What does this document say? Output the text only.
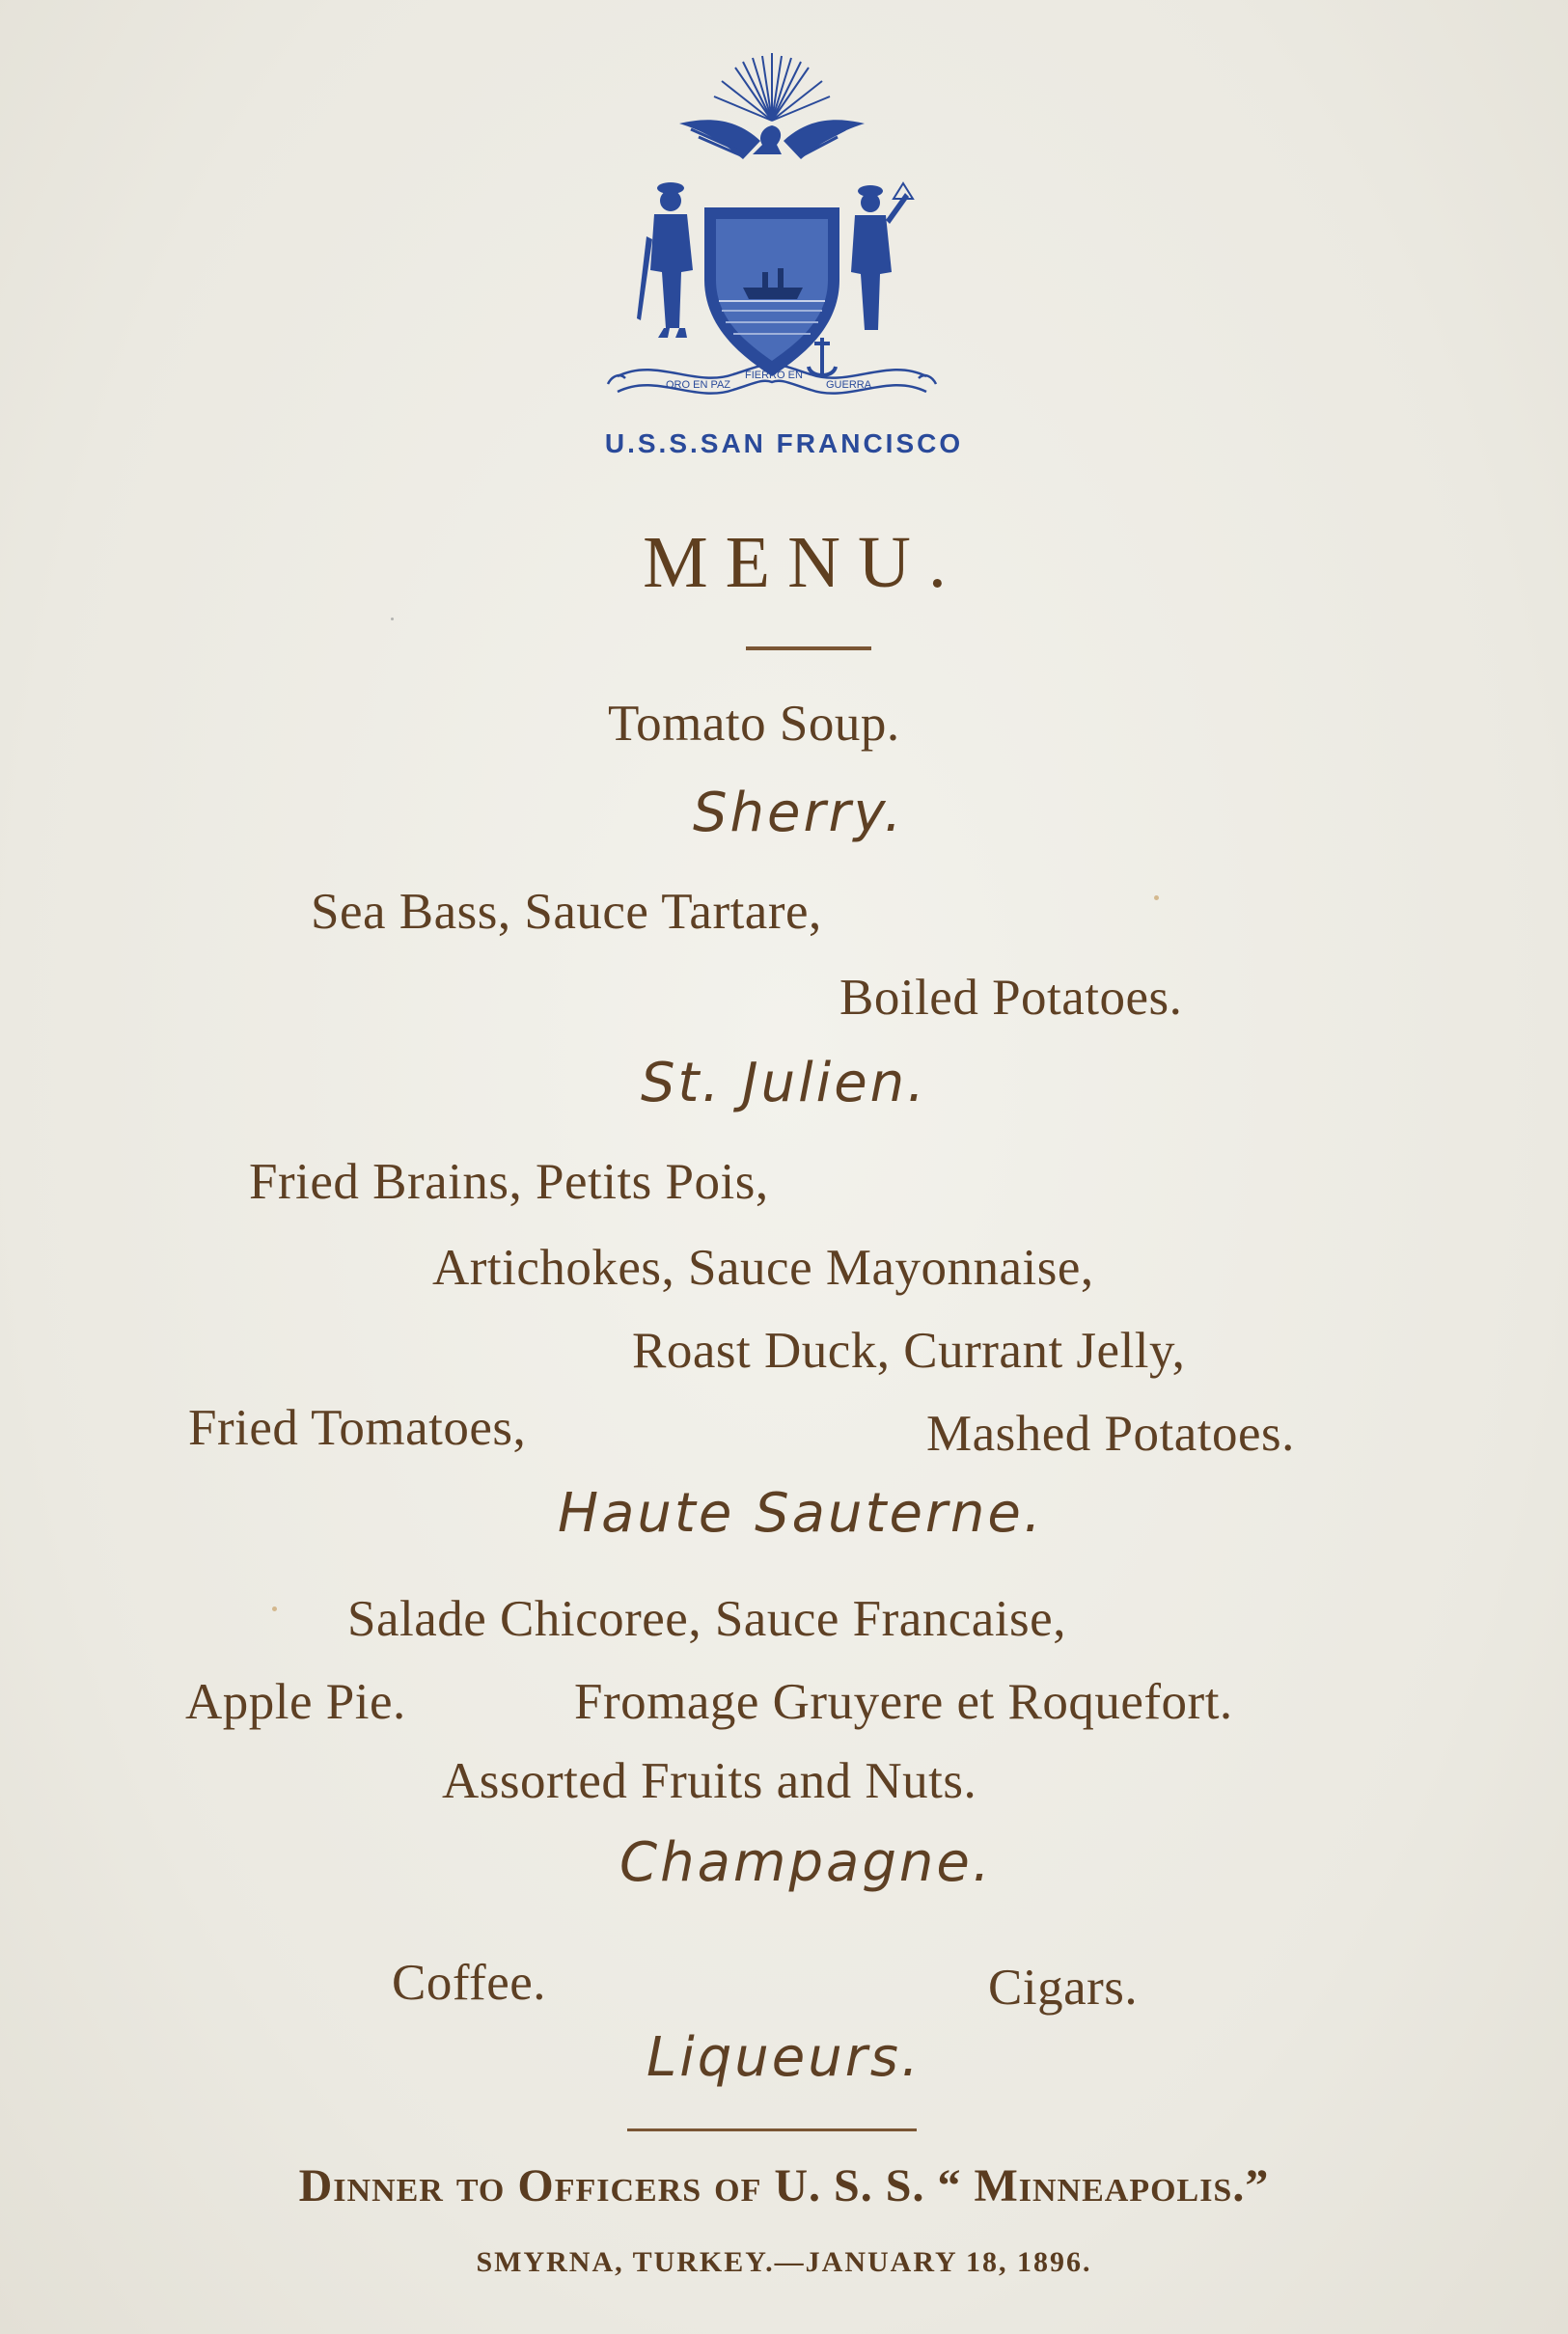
ORO EN PAZ
FIERRO EN
GUERRA
U.S.S.SAN FRANCISCO
MENU.
Tomato Soup.
Sherry.
Sea Bass, Sauce Tartare,
Boiled Potatoes.
St. Julien.
Fried Brains, Petits Pois,
Artichokes, Sauce Mayonnaise,
Roast Duck, Currant Jelly,
Fried Tomatoes,	Mashed Potatoes.
Haute Sauterne.
Salade Chicoree, Sauce Francaise,
Apple Pie.	Fromage Gruyere et Roquefort.
Assorted Fruits and Nuts.
Champagne.
Coffee.	Cigars.
Liqueurs.
Dinner to Officers of U. S. S. “ Minneapolis.”
SMYRNA, TURKEY.—JANUARY 18, 1896.
